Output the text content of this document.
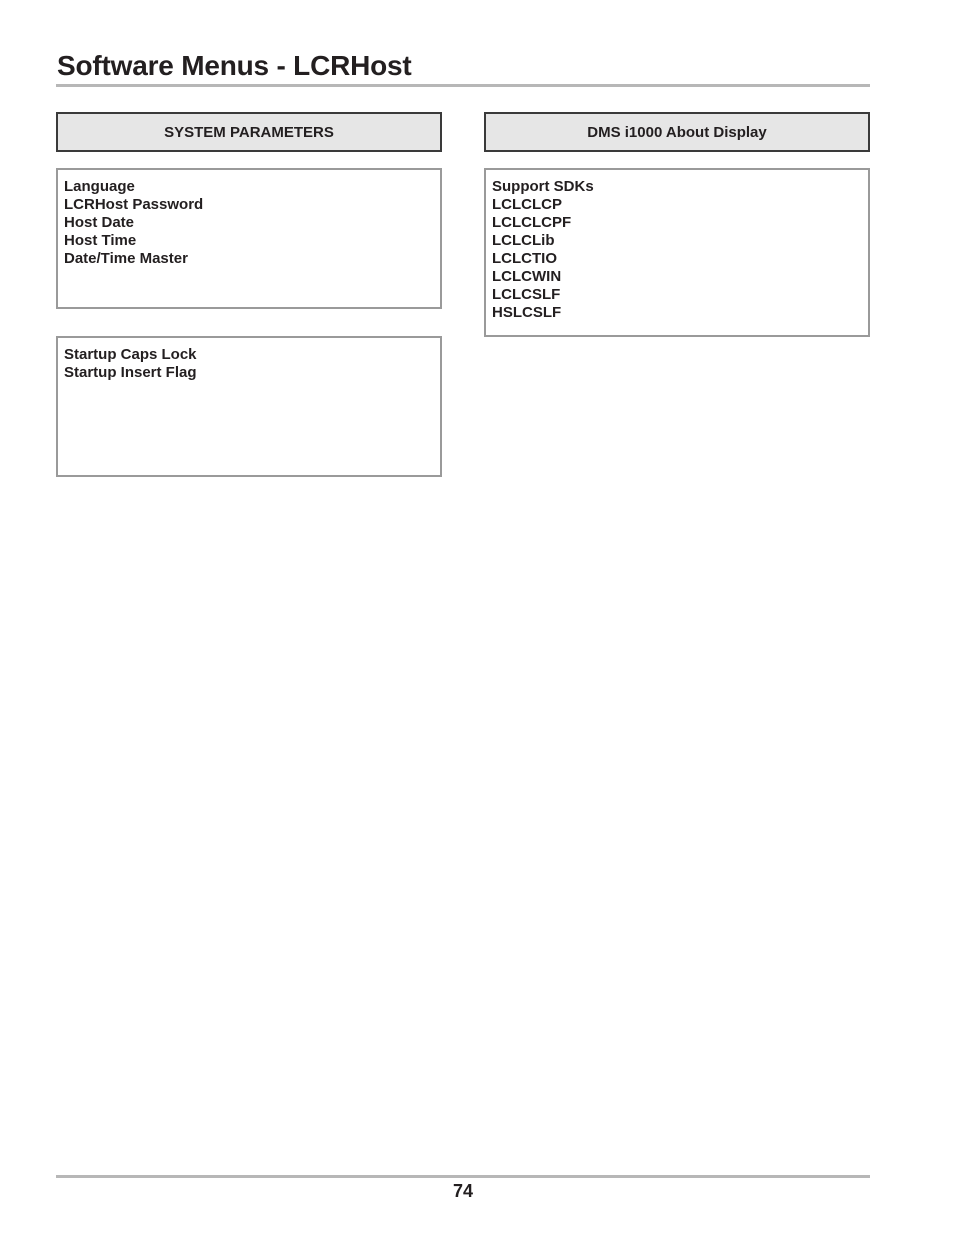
Software Menus - LCRHost
SYSTEM PARAMETERS	DMS i1000 About Display
Language
LCRHost Password
Host Date
Host Time
Date/Time Master
Startup Caps Lock
Startup Insert Flag
Support SDKs
LCLCLCP
LCLCLCPF
LCLCLib
LCLCTIO
LCLCWIN
LCLCSLF
HSLCSLF
74
